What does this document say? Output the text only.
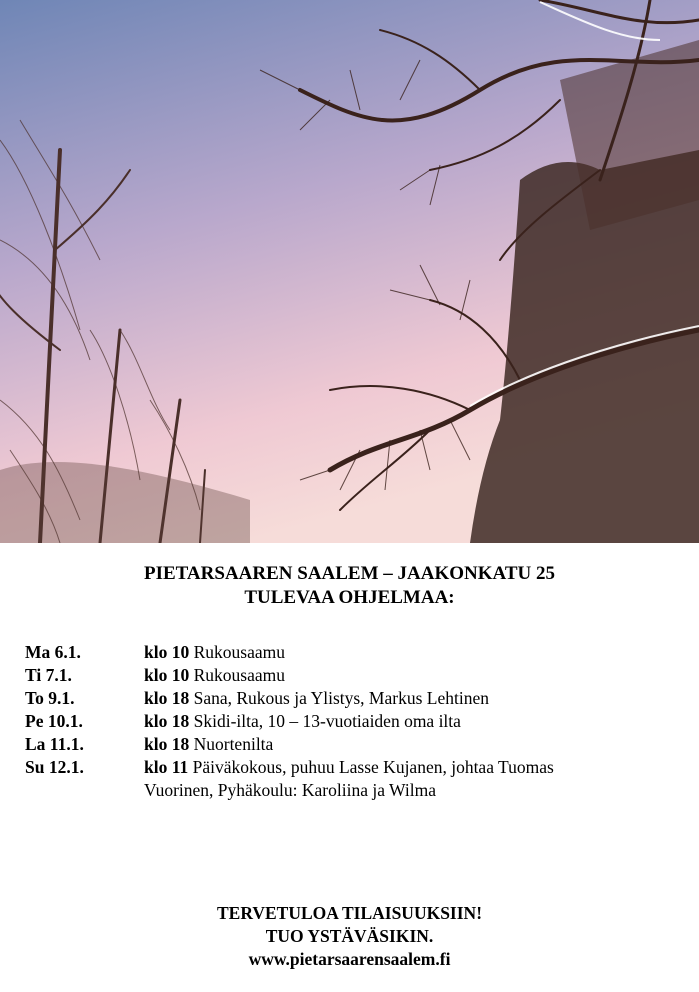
PIETARSAAREN SAALEM – JAAKONKATU 25
TULEVAA OHJELMAA:
Ma 6.1.	klo 10 Rukousaamu
Ti 7.1.	klo 10 Rukousaamu
To 9.1.	klo 18 Sana, Rukous ja Ylistys, Markus Lehtinen
Pe 10.1.	klo 18 Skidi-ilta, 10 – 13-vuotiaiden oma ilta
La 11.1.	klo 18 Nuortenilta
Su 12.1.	klo 11 Päiväkokous, puhuu Lasse Kujanen, johtaa Tuomas
Vuorinen, Pyhäkoulu: Karoliina ja Wilma
TERVETULOA TILAISUUKSIIN!
TUO YSTÄVÄSIKIN.
www.pietarsaarensaalem.fi
